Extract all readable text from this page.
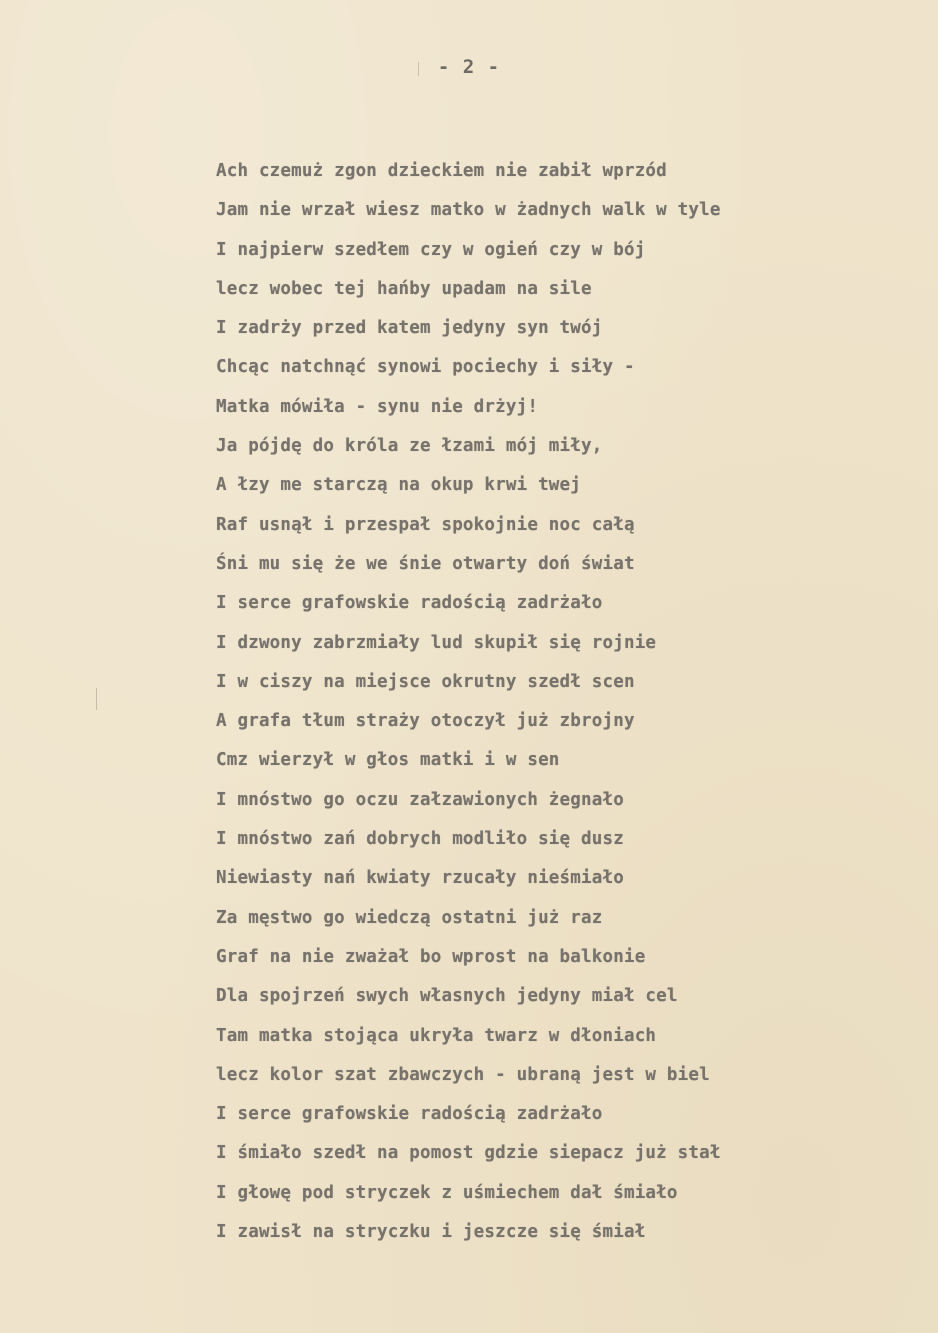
- 2 -
Ach czemuż zgon dzieckiem nie zabił wprzód
Jam nie wrzał wiesz matko w żadnych walk w tyle
I najpierw szedłem czy w ogień czy w bój
lecz wobec tej hańby upadam na sile
I zadrży przed katem jedyny syn twój
Chcąc natchnąć synowi pociechy i siły -
Matka mówiła - synu nie drżyj!
Ja pójdę do króla ze łzami mój miły,
A łzy me starczą na okup krwi twej
Raf usnął i przespał spokojnie noc całą
Śni mu się że we śnie otwarty doń świat
I serce grafowskie radością zadrżało
I dzwony zabrzmiały lud skupił się rojnie
I w ciszy na miejsce okrutny szedł scen
A grafa tłum straży otoczył już zbrojny
Cmz wierzył w głos matki i w sen
I mnóstwo go oczu załzawionych żegnało
I mnóstwo zań dobrych modliło się dusz
Niewiasty nań kwiaty rzucały nieśmiało
Za męstwo go wiedczą ostatni już raz
Graf na nie zważał bo wprost na balkonie
Dla spojrzeń swych własnych jedyny miał cel
Tam matka stojąca ukryła twarz w dłoniach
lecz kolor szat zbawczych - ubraną jest w biel
I serce grafowskie radością zadrżało
I śmiało szedł na pomost gdzie siepacz już stał
I głowę pod stryczek z uśmiechem dał śmiało
I zawisł na stryczku i jeszcze się śmiał
